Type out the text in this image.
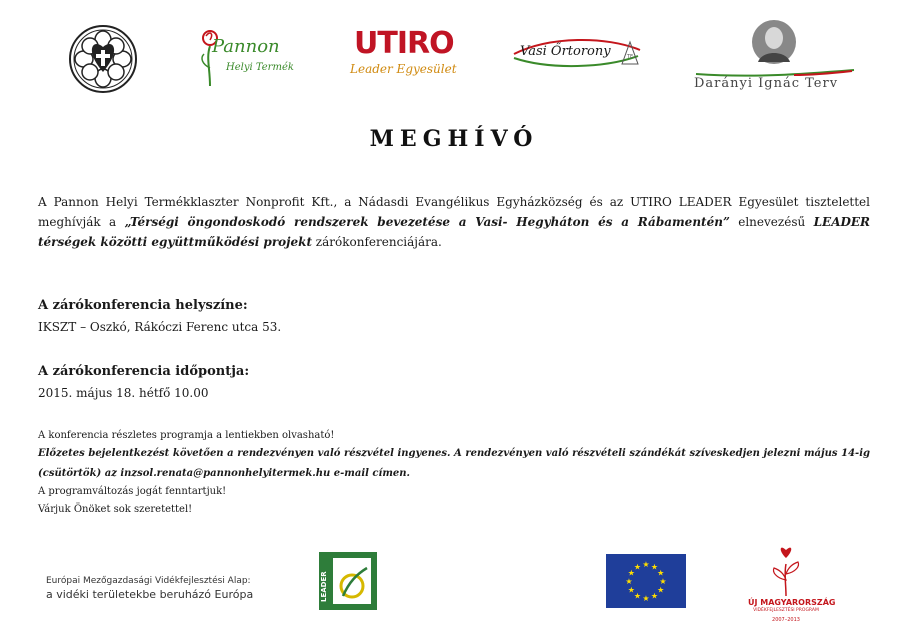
Pannon
Helyi Termék
UTIRO
Leader Egyesület
TE
Vasi Őrtorony
Darányi Ignác Terv
MEGHÍVÓ
A Pannon Helyi Termékklaszter Nonprofit Kft., a Nádasdi Evangélikus Egyházközség és az UTIRO LEADER Egyesület tisztelettel meghívják a „Térségi öngondoskodó rendszerek bevezetése a Vasi- Hegyháton és a Rábamentén” elnevezésű LEADER térségek közötti együttműködési projekt zárókonferenciájára.
A zárókonferencia helyszíne:
IKSZT – Oszkó, Rákóczi Ferenc utca 53.
A zárókonferencia időpontja:
2015. május 18. hétfő 10.00
A konferencia részletes programja a lentiekben olvasható!
Előzetes bejelentkezést követően a rendezvényen való részvétel ingyenes. A rendezvényen való részvételi szándékát szíveskedjen jelezni május 14-ig (csütörtök) az inzsol.renata@pannonhelyitermek.hu e-mail címen.
A programváltozás jogát fenntartjuk!
Várjuk Önöket sok szeretettel!
Európai Mezőgazdasági Vidékfejlesztési Alap:
a vidéki területekbe beruházó Európa	LEADER
★ ★
★
★
★
★
★
★
★
★
★
★
ÚJ MAGYARORSZÁG
VIDÉKFEJLESZTÉSI PROGRAM
2007–2013
